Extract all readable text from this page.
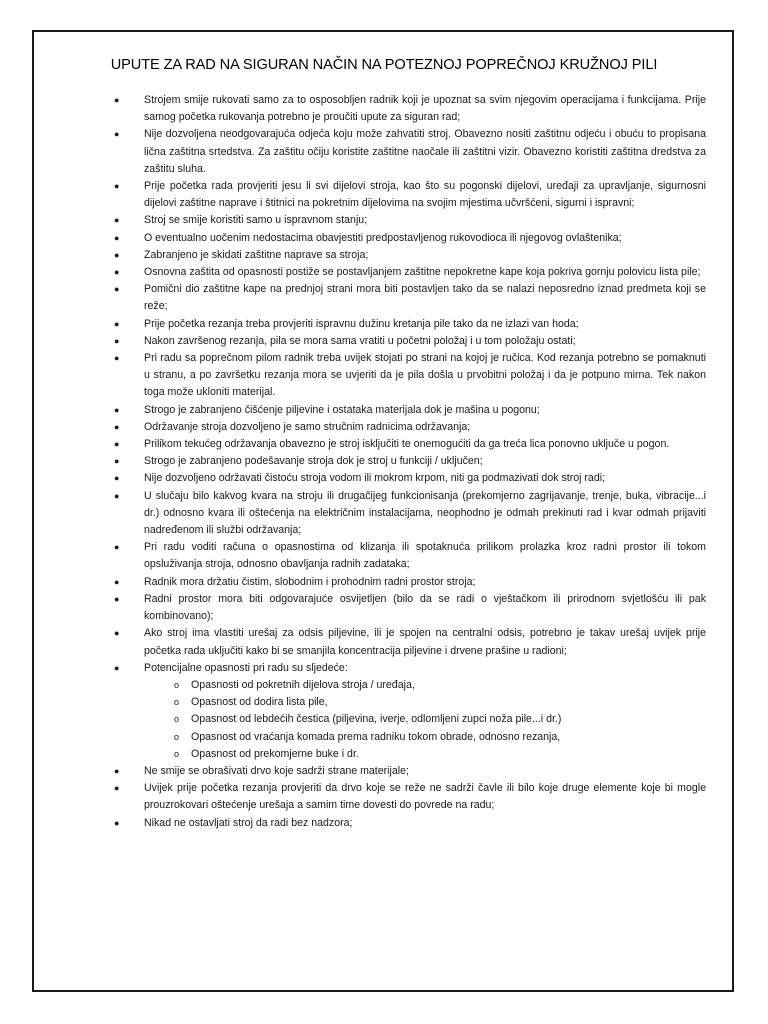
UPUTE ZA RAD NA SIGURAN NAČIN NA POTEZNOJ POPREČNOJ KRUŽNOJ PILI
● Strojem smije rukovati samo za to osposobljen radnik koji je upoznat sa svim njegovim operacijama i funkcijama. Prije samog početka rukovanja potrebno je proučiti upute za siguran rad;
● Nije dozvoljena neodgovarajuća odjeća koju može zahvatiti stroj. Obavezno nositi zaštitnu odjeću i obuću to propisana lična zaštitna srtedstva. Za zaštitu očiju koristite zaštitne naočale ili zaštitni vizir. Obavezno koristiti zaštitna dredstva za zaštitu sluha.
● Prije početka rada provjeriti jesu li svi dijelovi stroja, kao što su pogonski dijelovi, uređaji za upravljanje, sigurnosni dijelovi zaštitne naprave i štitnici na pokretnim dijelovima na svojim mjestima učvršćeni, sigurni i ispravni;
● Stroj se smije koristiti samo u ispravnom stanju;
● O eventualno uočenim nedostacima obavjestiti predpostavljenog rukovodioca ili njegovog ovlaštenika;
● Zabranjeno je skidati zaštitne naprave sa stroja;
● Osnovna zaštita od opasnosti postiže se postavljanjem zaštitne nepokretne kape koja pokriva gornju polovicu lista pile;
● Pomični dio zaštitne kape na prednjoj strani mora biti postavljen tako da se nalazi neposredno iznad predmeta koji se reže;
● Prije početka rezanja treba provjeriti ispravnu dužinu kretanja pile tako da ne izlazi van hoda;
● Nakon završenog rezanja, pila se mora sama vratiti u početni položaj i u tom položaju ostati;
● Pri radu sa poprečnom pilom radnik treba uvijek stojati po strani na kojoj je ručica. Kod rezanja potrebno se pomaknuti u stranu, a po završetku rezanja mora se uvjeriti da je pila došla u prvobitni položaj i da je potpuno mirna. Tek nakon toga može ukloniti materijal.
● Strogo je zabranjeno čišćenje piljevine i ostataka materijala dok je mašina u pogonu;
● Održavanje stroja dozvoljeno je samo stručnim radnicima održavanja;
● Prilikom tekućeg održavanja obavezno je stroj isključiti te onemogućiti da ga treća lica ponovno uključe u pogon.
● Strogo je zabranjeno podešavanje stroja dok je stroj u funkciji / uključen;
● Nije dozvoljeno održavati čistoću stroja vodom ili mokrom krpom, niti ga podmazivati dok stroj radi;
● U slučaju bilo kakvog kvara na stroju ili drugačijeg funkcionisanja (prekomjerno zagrijavanje, trenje, buka, vibracije...i dr.) odnosno kvara ili oštećenja na električnim instalacijama, neophodno je odmah prekinuti rad i kvar odmah prijaviti nadređenom ili službi održavanja;
● Pri radu voditi računa o opasnostima od klizanja ili spotaknuća prilikom prolazka kroz radni prostor ili tokom opsluživanja stroja, odnosno obavljanja radnih zadataka;
● Radnik mora držatiu čistim, slobodnim i prohodnim radni prostor stroja;
● Radni prostor mora biti odgovarajuće osvijetljen (bilo da se radi o vještačkom ili prirodnom svjetlošću ili pak kombinovano);
● Ako stroj ima vlastiti urešaj za odsis piljevine, ili je spojen na centralni odsis, potrebno je takav urešaj uvijek prije početka rada uključiti kako bi se smanjila koncentracija piljevine i drvene prašine u radioni;
● Potencijalne opasnosti pri radu su sljedeće:
o Opasnosti od pokretnih dijelova stroja / uređaja,
o Opasnost od dodira lista pile,
o Opasnost od lebdećih čestica (piljevina, iverje, odlomljeni zupci noža pile...i dr.)
o Opasnost od vraćanja komada prema radniku tokom obrade, odnosno rezanja,
o Opasnost od prekomjerne buke i dr.
● Ne smije se obrašivati drvo koje sadrži strane materijale;
● Uvijek prije početka rezanja provjeriti da drvo koje se reže ne sadrži čavle ili bilo koje druge elemente koje bi mogle prouzrokovari oštećenje urešaja a samim time dovesti do povrede na radu;
● Nikad ne ostavljati stroj da radi bez nadzora;
